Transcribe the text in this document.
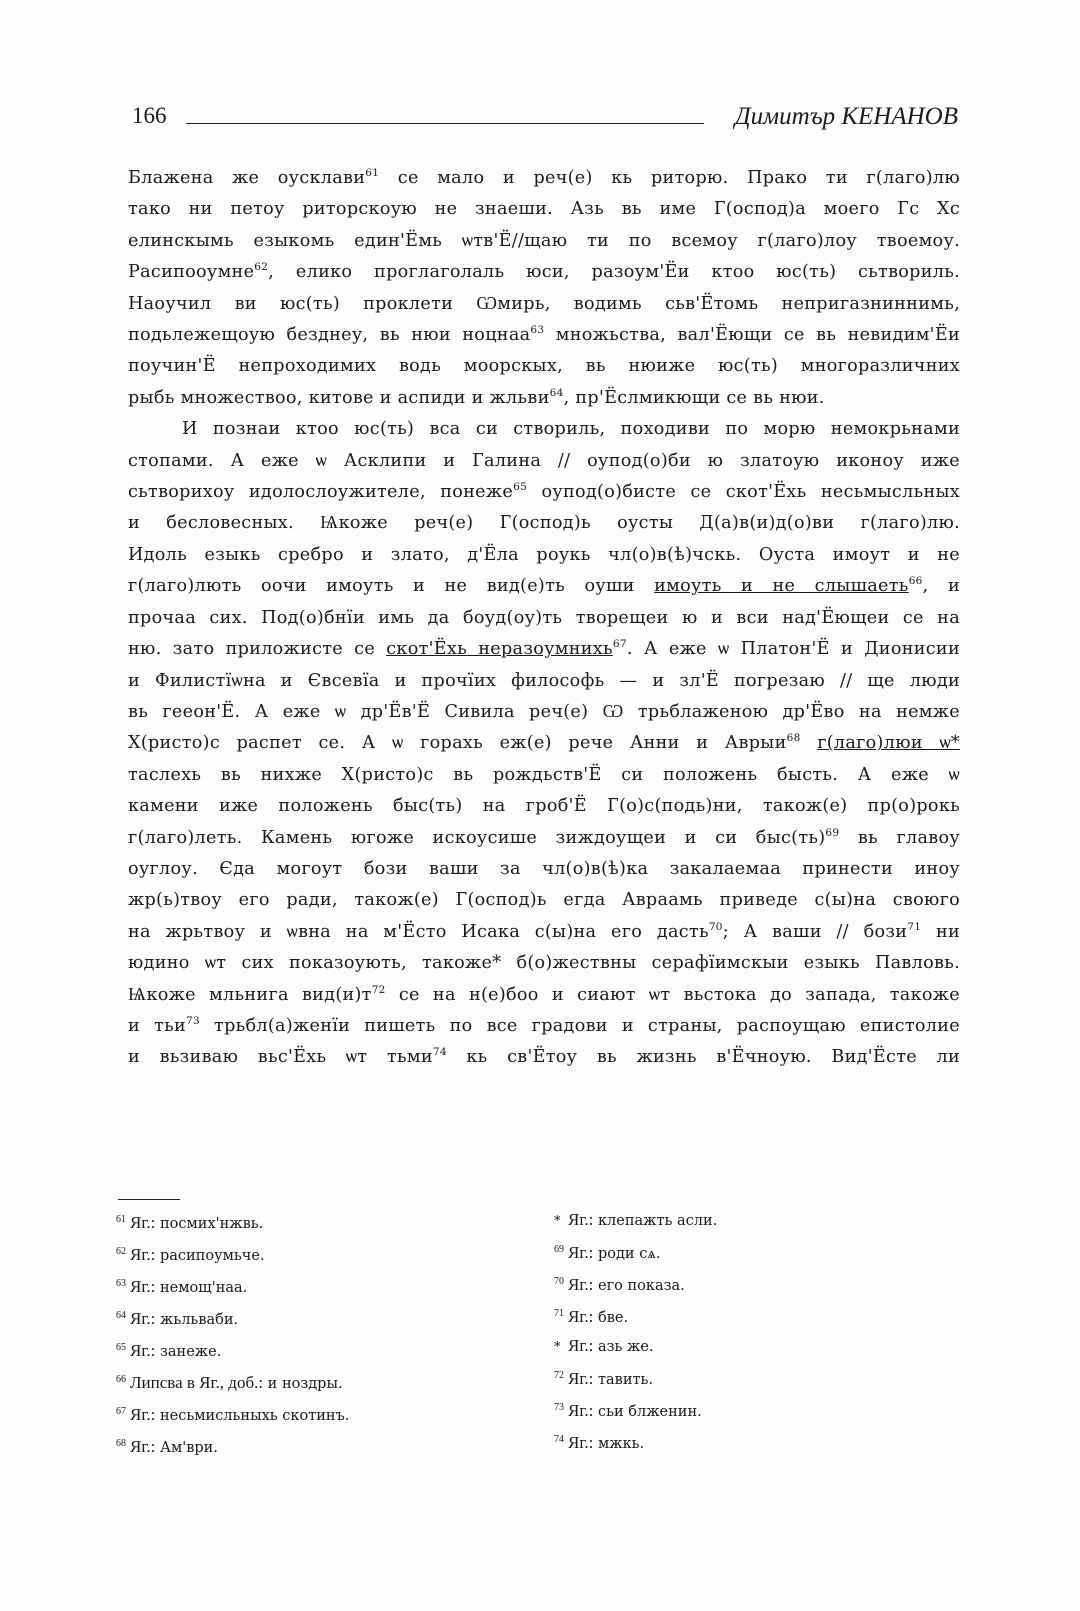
166	Димитър КЕНАНОВ

Блажена же оусклави$^{61}$ се мало и реч(е) кь риторю. Прако ти г(лаго)лю
тако ни петоу риторскоую не знаеши. Азь вь име Г(оспод)а моего Гс Хс
елинскымь езыкомь един'Ёмь ѡтв'Ё//щаю ти по всемоу г(лаго)лоу твоемоу.
Расипооумне$^{62}$, елико проглаголаль юси, разоум'Ёи ктоо юс(ть) сьтвориль.
Наоучил ви юс(ть) проклети Ѡмирь, водимь сьв'Ётомь непригазниннимь,
подьлежещоую безднеу, вь нюи ноцнаа$^{63}$ множьства, вал'Ёющи се вь невидим'Ёи
поучин'Ё непроходимих водь моорскых, вь нюиже юс(ть) многоразличних
рыбь множествоо, китове и аспиди и жльви$^{64}$, пр'Ёслмикющи се вь нюи.

И познаи ктоо юс(ть) вса си створиль, походиви по морю немокрьнами
стопами. А еже ѡ Асклипи и Галина // оупод(о)би ю златоую иконоу иже
сьтворихоу идолослоужителе, понеже$^{65}$ оупод(о)бисте се скот'Ёхь несьмысльных
и бесловесных. Ѩкоже реч(е) Г(оспод)ь оусты Д(а)в(и)д(о)ви г(лаго)лю.
Идоль езыкь сребро и злато, д'Ёла роукь чл(о)в(ѣ)чскь. Оуста имоут и не
г(лаго)лють оочи имоуть и не вид(е)ть оуши имоуть и не слышаеть$^{66}$, и
прочаа сих. Под(о)бнïи имь да боуд(оу)ть творещеи ю и вси над'Ёющеи се на
ню. зато приложисте се скот'Ёхь неразоумнихь$^{67}$. А еже ѡ Платон'Ё и Дионисии
и Филистïѡна и Євсевïа и прочïих философь — и зл'Ё погрезаю // ще люди
вь гееон'Ё. А еже ѡ др'Ёв'Ё Сивила реч(е) Ѡ трьблаженою др'Ёво на немже
Х(ристо)с распет се. А ѡ горахь еж(е) рече Анни и Аврыи$^{68}$ г(лаго)люи ѡ*
таслехь вь нихже Х(ристо)с вь рождьств'Ё си положень бысть. А еже ѡ
камени иже положень быс(ть) на гроб'Ё Г(о)с(подь)ни, також(е) пр(о)рокь
г(лаго)леть. Камень югоже искоусише зиждоущеи и си быс(ть)$^{69}$ вь главоу
оуглоу. Єда могоут бози ваши за чл(о)в(ѣ)ка закалаемаа принести иноу
жр(ь)твоу его ради, також(е) Г(оспод)ь егда Авраамь приведе с(ы)на своюго
на жрьтвоу и ѡвна на м'Ёсто Исака с(ы)на его дасть$^{70}$; А ваши // бози$^{71}$ ни
юдино ѡт сих показоують, такоже* б(о)жествны серафïимскыи езыкь Павловь.
Ѩкоже мльнига $вид(и)т^{72}$ се на н(е)боо и сиают ѡт вьстока до запада, такоже
и тьи$^{73}$ трьбл(а)женïи пишеть по все градови и страны, распоущаю епистолие
и вьзиваю вьс'Ёхь ѡт тьми$^{74}$ кь св'Ётоу вь жизнь в'Ёчноую. Вид'Ёсте ли

$^{61}$ Яг.: посмих'нжвь.
$^{62}$ Яг.: расипоумьче.
$^{63}$ Яг.: немощ'наа.
$^{64}$ Яг.: жьльваби.
$^{65}$ Яг.: занеже.
$^{66}$ Липсва в Яг., доб.: и ноздры.
$^{67}$ Яг.: несьмисльныхь скотинъ.
$^{68}$ Яг.: Ам'ври.
* Яг.: клепажть асли.
$^{69}$ Яг.: роди сѧ.
$^{70}$ Яг.: его показа.
$^{71}$ Яг.: бве.
* Яг.: азь же.
$^{72}$ Яг.: тавить.
$^{73}$ Яг.: сьи блженин.
$^{74}$ Яг.: мжкь.
